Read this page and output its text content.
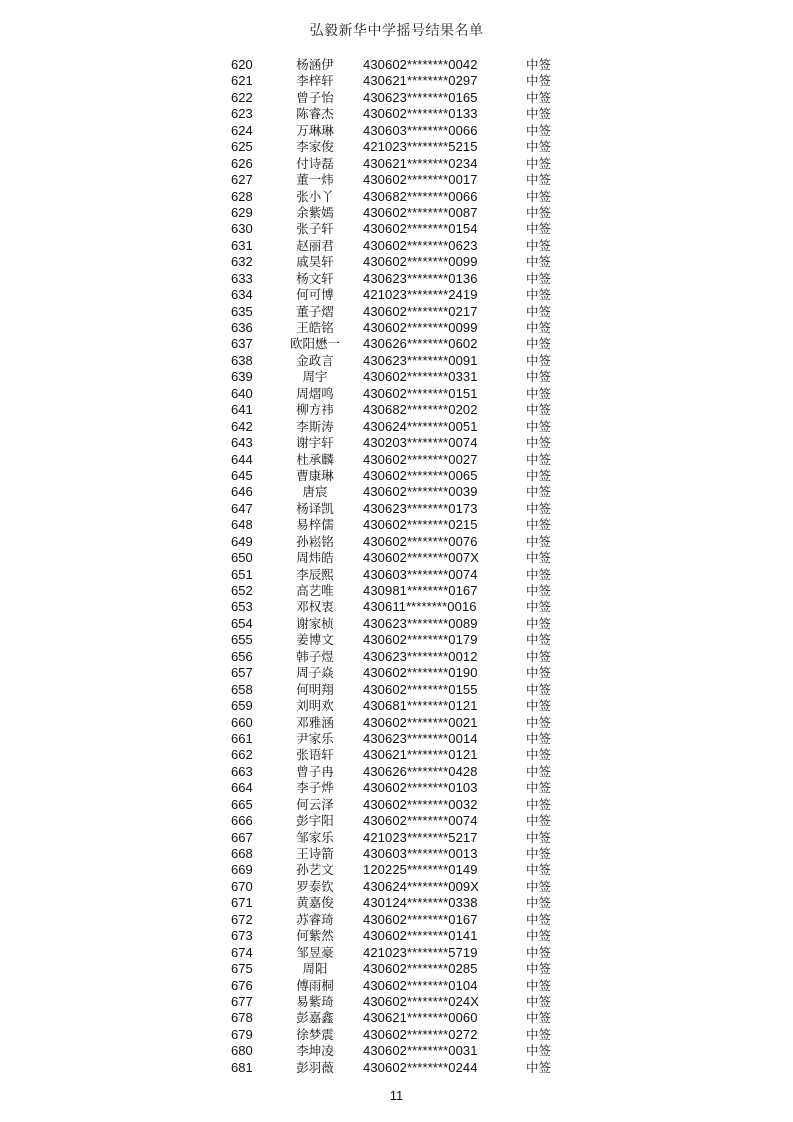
弘毅新华中学摇号结果名单
620	杨涵伊	430602********0042	中签
621	李梓轩	430621********0297	中签
622	曾子怡	430623********0165	中签
623	陈睿杰	430602********0133	中签
624	万琳琳	430603********0066	中签
625	李家俊	421023********5215	中签
626	付诗磊	430621********0234	中签
627	董一炜	430602********0017	中签
628	张小丫	430682********0066	中签
629	余紫嫣	430602********0087	中签
630	张子轩	430602********0154	中签
631	赵丽君	430602********0623	中签
632	戚昊轩	430602********0099	中签
633	杨文轩	430623********0136	中签
634	何可博	421023********2419	中签
635	董子熠	430602********0217	中签
636	王皓铭	430602********0099	中签
637	欧阳懋一	430626********0602	中签
638	金政言	430623********0091	中签
639	周宇	430602********0331	中签
640	周熠鸣	430602********0151	中签
641	柳方祎	430682********0202	中签
642	李斯涛	430624********0051	中签
643	谢宇轩	430203********0074	中签
644	杜承麟	430602********0027	中签
645	曹康琳	430602********0065	中签
646	唐宸	430602********0039	中签
647	杨译凯	430623********0173	中签
648	易梓儒	430602********0215	中签
649	孙崧铭	430602********0076	中签
650	周炜皓	430602********007X	中签
651	李辰熙	430603********0074	中签
652	高艺唯	430981********0167	中签
653	邓权衷	430611********0016	中签
654	谢家桢	430623********0089	中签
655	姜博文	430602********0179	中签
656	韩子煜	430623********0012	中签
657	周子焱	430602********0190	中签
658	何明翔	430602********0155	中签
659	刘明欢	430681********0121	中签
660	邓雅涵	430602********0021	中签
661	尹家乐	430623********0014	中签
662	张语轩	430621********0121	中签
663	曾子冉	430626********0428	中签
664	李子烨	430602********0103	中签
665	何云泽	430602********0032	中签
666	彭宇阳	430602********0074	中签
667	邹家乐	421023********5217	中签
668	王诗箭	430603********0013	中签
669	孙艺文	120225********0149	中签
670	罗泰钦	430624********009X	中签
671	黄嘉俊	430124********0338	中签
672	苏睿琦	430602********0167	中签
673	何紫然	430602********0141	中签
674	邹昱豪	421023********5719	中签
675	周阳	430602********0285	中签
676	傅雨桐	430602********0104	中签
677	易紫琦	430602********024X	中签
678	彭嘉鑫	430621********0060	中签
679	徐梦震	430602********0272	中签
680	李坤凌	430602********0031	中签
681	彭羽薇	430602********0244	中签
11
